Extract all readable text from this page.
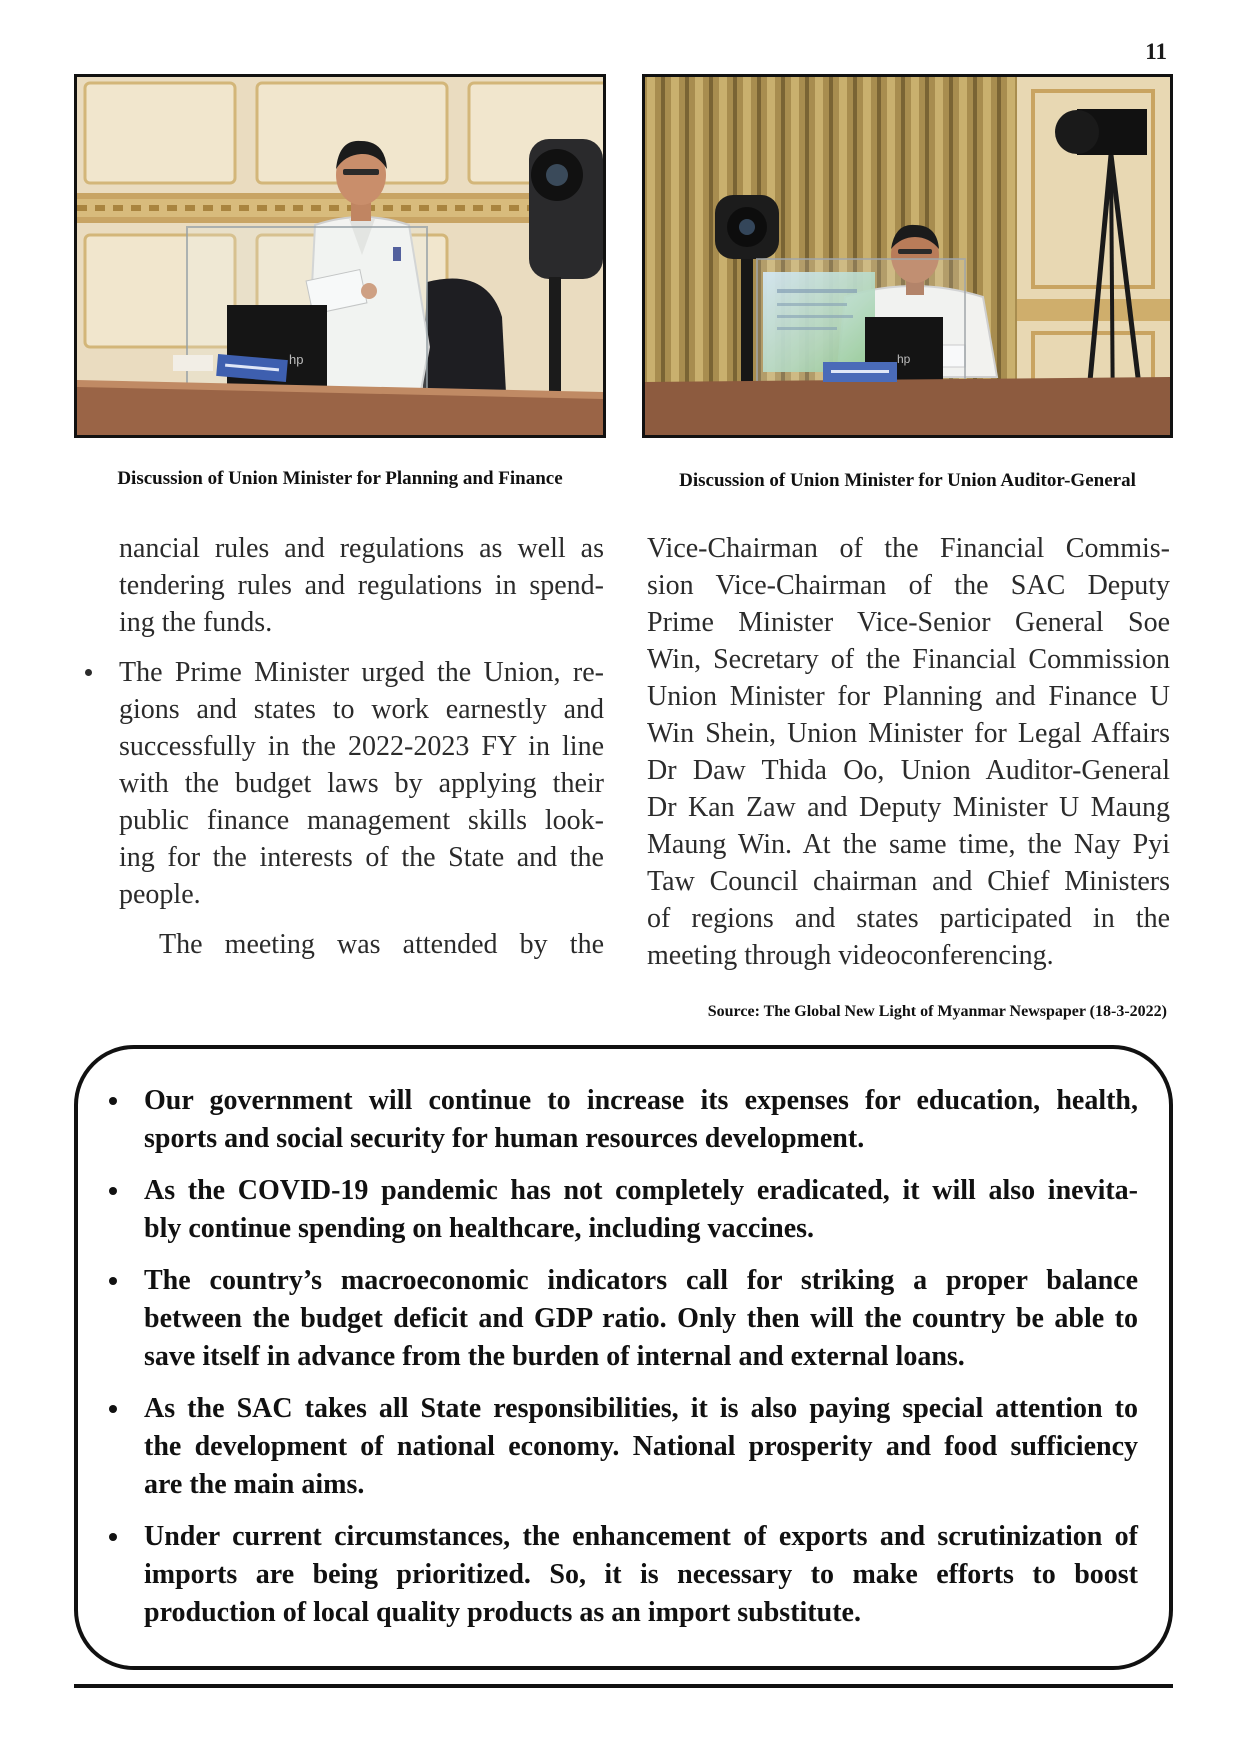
11
hp	hp
Discussion of Union Minister for Planning and Finance	Discussion of Union Minister for Union Auditor-General
nancial rules and regulations as well as
tendering rules and regulations in spend-
ing the funds.
The Prime Minister urged the Union, re-
gions and states to work earnestly and
successfully in the 2022-2023 FY in line
with the budget laws by applying their
public finance management skills look-
ing for the interests of the State and the
people.
The meeting was attended by the
Vice-Chairman of the Financial Commis-
sion Vice-Chairman of the SAC Deputy
Prime Minister Vice-Senior General Soe
Win, Secretary of the Financial Commission
Union Minister for Planning and Finance U
Win Shein, Union Minister for Legal Affairs
Dr Daw Thida Oo, Union Auditor-General
Dr Kan Zaw and Deputy Minister U Maung
Maung Win. At the same time, the Nay Pyi
Taw Council chairman and Chief Ministers
of regions and states participated in the
meeting through videoconferencing.
Source: The Global New Light of Myanmar Newspaper (18-3-2022)
Our government will continue to increase its expenses for education, health,
sports and social security for human resources development.
As the COVID-19 pandemic has not completely eradicated, it will also inevita-
bly continue spending on healthcare, including vaccines.
The country’s macroeconomic indicators call for striking a proper balance
between the budget deficit and GDP ratio. Only then will the country be able to
save itself in advance from the burden of internal and external loans.
As the SAC takes all State responsibilities, it is also paying special attention to
the development of national economy. National prosperity and food sufficiency
are the main aims.
Under current circumstances, the enhancement of exports and scrutinization of
imports are being prioritized. So, it is necessary to make efforts to boost
production of local quality products as an import substitute.
